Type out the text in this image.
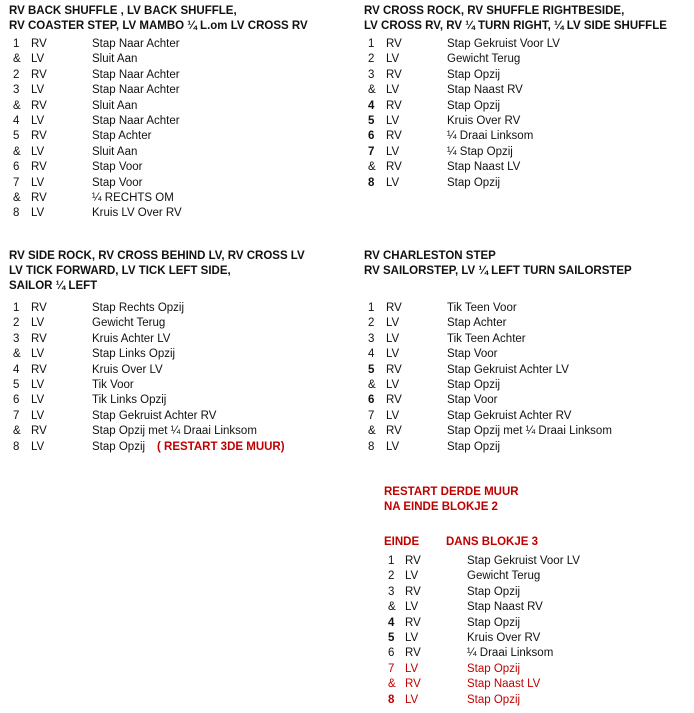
RV BACK SHUFFLE , LV BACK SHUFFLE,
RV COASTER STEP, LV MAMBO ¼ L.om LV CROSS RV
1 RV	Stap Naar Achter
& LV	Sluit Aan
2 RV	Stap Naar Achter
3 LV	Stap Naar Achter
& RV	Sluit Aan
4 LV	Stap Naar Achter
5 RV	Stap Achter
& LV	Sluit Aan
6 RV	Stap Voor
7 LV	Stap Voor
& RV	¼ RECHTS OM
8 LV	Kruis LV Over RV
RV CROSS ROCK, RV SHUFFLE RIGHTBESIDE,
LV CROSS RV, RV ¼ TURN RIGHT, ¼ LV SIDE SHUFFLE
1 RV	Stap Gekruist Voor LV
2 LV	Gewicht Terug
3 RV	Stap Opzij
& LV	Stap Naast RV
4 RV	Stap Opzij
5 LV	Kruis Over RV
6 RV	¼ Draai Linksom
7 LV	¼ Stap Opzij
& RV	Stap Naast LV
8 LV	Stap Opzij
RV SIDE ROCK, RV CROSS BEHIND LV, RV CROSS LV
LV TICK FORWARD, LV TICK LEFT SIDE,
SAILOR ¼ LEFT
1 RV	Stap Rechts Opzij
2 LV	Gewicht Terug
3 RV	Kruis Achter LV
& LV	Stap Links Opzij
4 RV	Kruis Over LV
5 LV	Tik Voor
6 LV	Tik Links Opzij
7 LV	Stap Gekruist Achter RV
& RV	Stap Opzij met ¼ Draai Linksom
8 LV	Stap Opzij ( RESTART 3DE MUUR)
RV CHARLESTON STEP
RV SAILORSTEP, LV ¼ LEFT TURN SAILORSTEP
1 RV	Tik Teen Voor
2 LV	Stap Achter
3 LV	Tik Teen Achter
4 LV	Stap Voor
5 RV	Stap Gekruist Achter LV
& LV	Stap Opzij
6 RV	Stap Voor
7 LV	Stap Gekruist Achter RV
& RV	Stap Opzij met ¼ Draai Linksom
8 LV	Stap Opzij
RESTART DERDE MUUR
NA EINDE BLOKJE 2
EINDE DANS BLOKJE 3
1 RV	Stap Gekruist Voor LV
2 LV	Gewicht Terug
3 RV	Stap Opzij
& LV	Stap Naast RV
4 RV	Stap Opzij
5 LV	Kruis Over RV
6 RV	¼ Draai Linksom
7 LV	Stap Opzij
& RV	Stap Naast LV
8 LV	Stap Opzij
